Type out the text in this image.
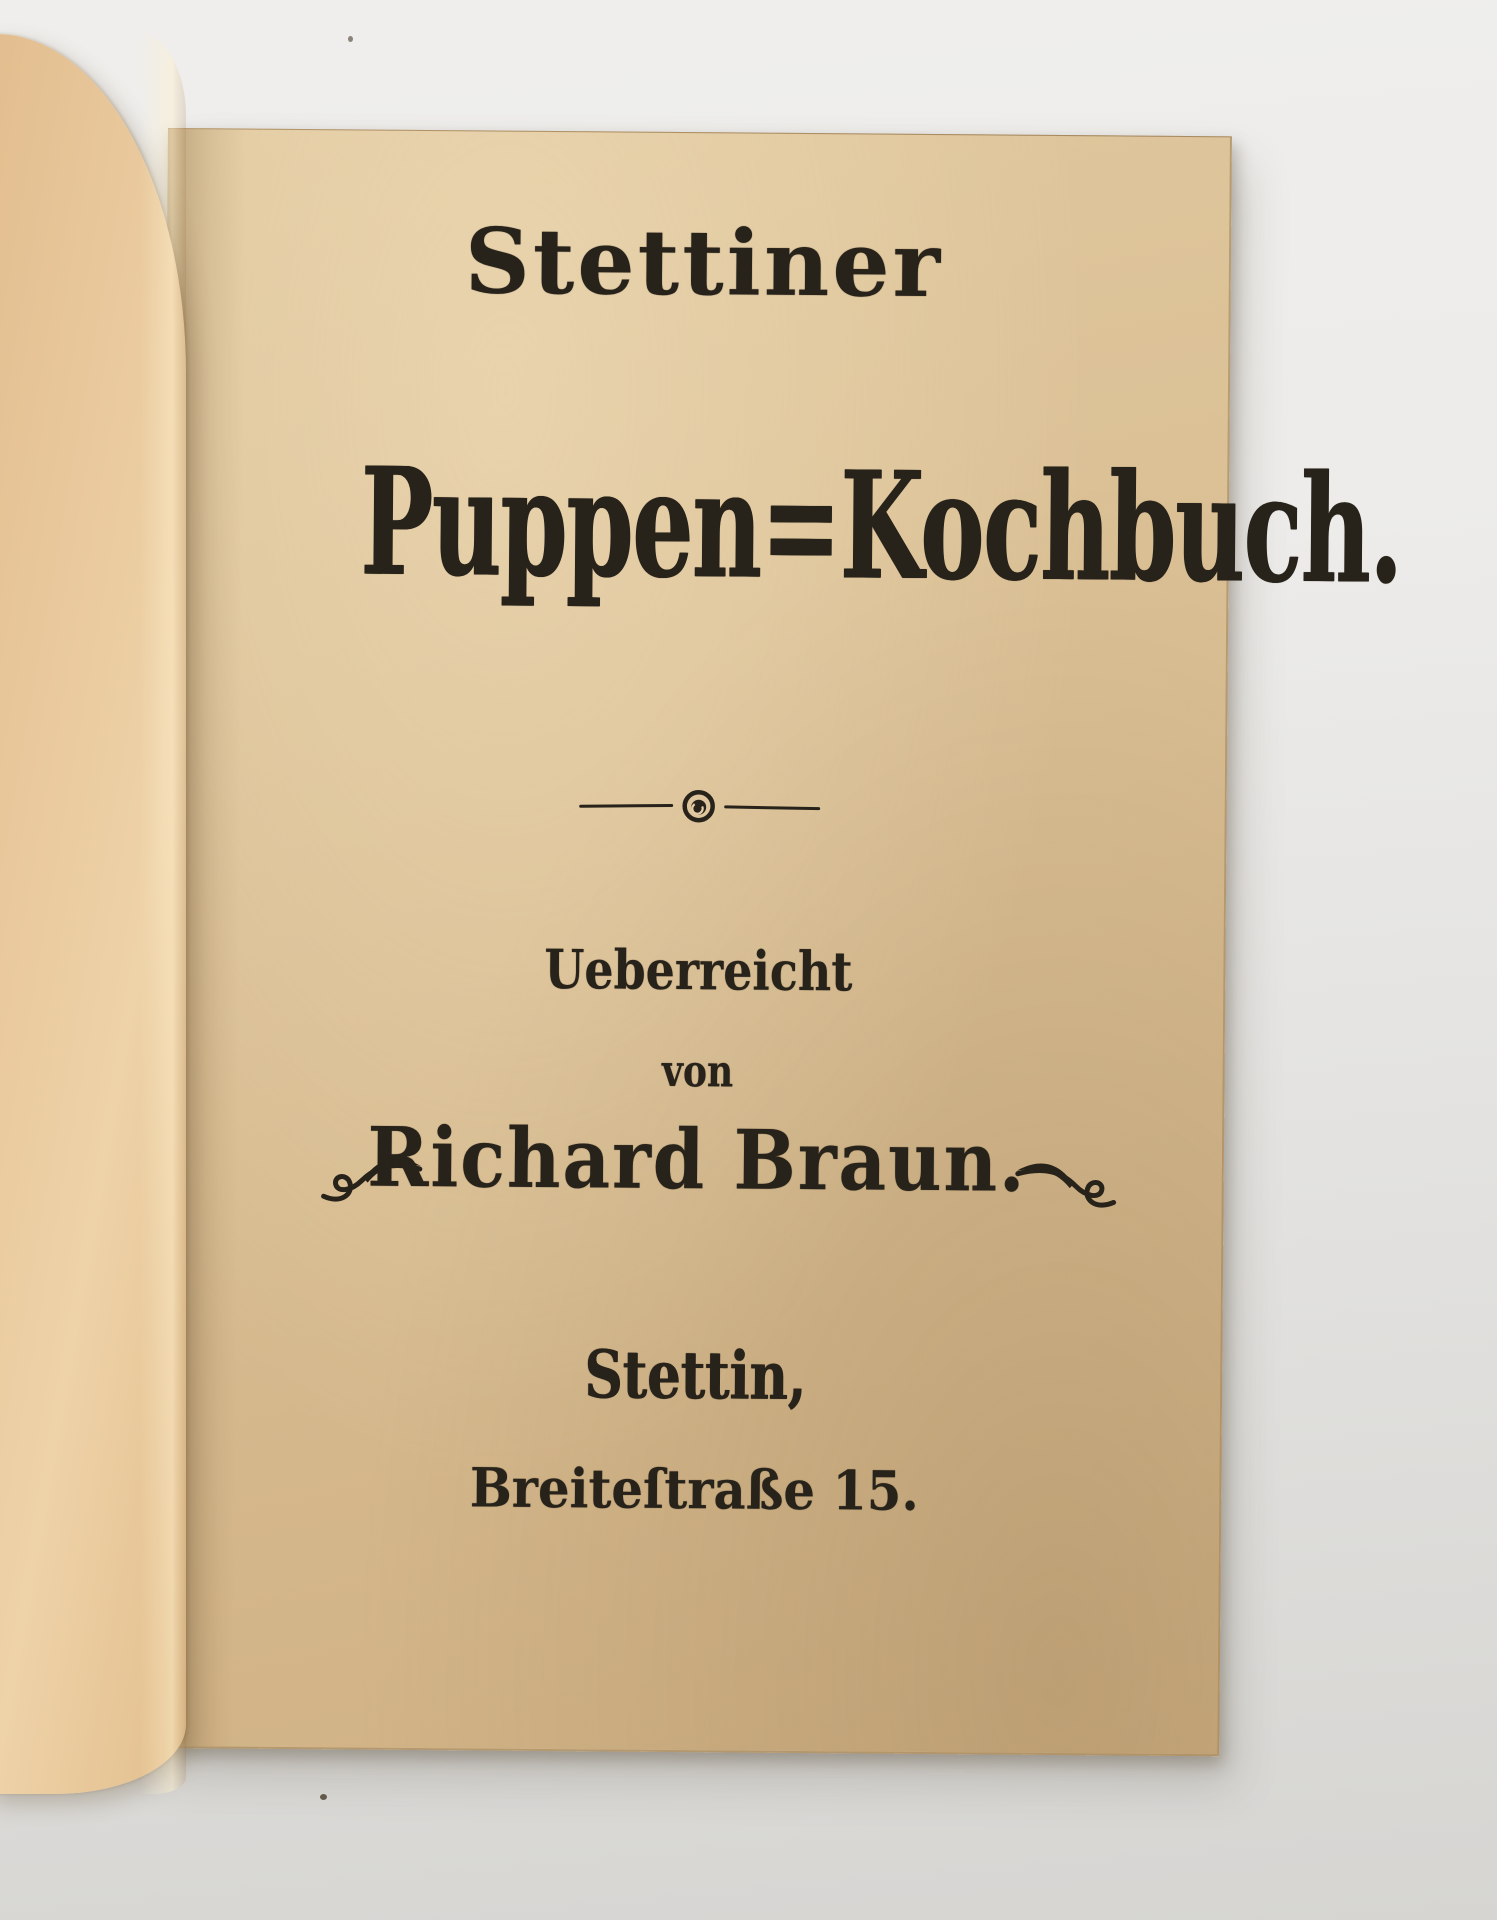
Stettiner
Puppen=Kochbuch.
Ueberreicht
von
Richard Braun.
Stettin,
Breiteſtraße 15.
